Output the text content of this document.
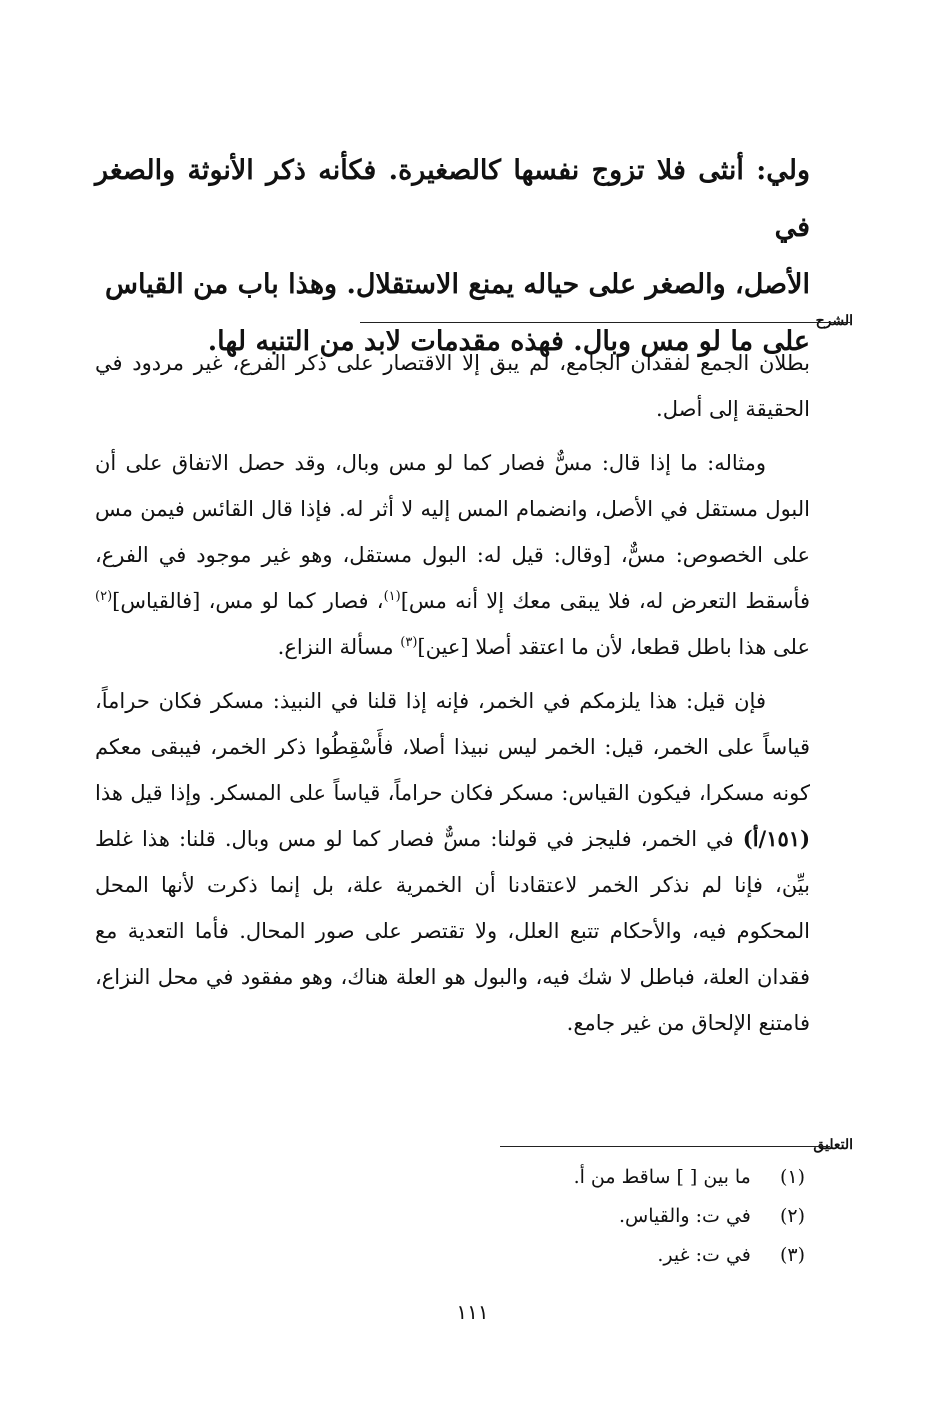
ولي: أنثى فلا تزوج نفسها كالصغيرة. فكأنه ذكر الأنوثة والصغر في

الأصل، والصغر على حياله يمنع الاستقلال. وهذا باب من القياس

على ما لو مس وبال. فهذه مقدمات لابد من التنبه لها.

الشرح

بطلان الجمع لفقدان الجامع، لم يبق إلا الاقتصار على ذكر الفرع، غير مردود في الحقيقة إلى أصل.

ومثاله: ما إذا قال: مسٌّ فصار كما لو مس وبال، وقد حصل الاتفاق على أن البول مستقل في الأصل، وانضمام المس إليه لا أثر له. فإذا قال القائس فيمن مس على الخصوص: مسٌّ، [وقال: قيل له: البول مستقل، وهو غير موجود في الفرع، فأسقط التعرض له، فلا يبقى معك إلا أنه مس]$^{(١)}$، فصار كما لو مس، [فالقياس]$^{(٢)}$ على هذا باطل قطعا، لأن ما اعتقد أصلا [عين]$^{(٣)}$ مسألة النزاع.

فإن قيل: هذا يلزمكم في الخمر، فإنه إذا قلنا في النبيذ: مسكر فكان حراماً، قياساً على الخمر، قيل: الخمر ليس نبيذا أصلا، فأَسْقِطُوا ذكر الخمر، فيبقى معكم كونه مسكرا، فيكون القياس: مسكر فكان حراماً، قياساً على المسكر. وإذا قيل هذا (١٥١/أ) في الخمر، فليجز في قولنا: مسٌّ فصار كما لو مس وبال. قلنا: هذا غلط بيِّن، فإنا لم نذكر الخمر لاعتقادنا أن الخمرية علة، بل إنما ذكرت لأنها المحل المحكوم فيه، والأحكام تتبع العلل، ولا تقتصر على صور المحال. فأما التعدية مع فقدان العلة، فباطل لا شك فيه، والبول هو العلة هناك، وهو مفقود في محل النزاع، فامتنع الإلحاق من غير جامع.

التعليق
(١)   ما بين [ ] ساقط من أ.
(٢)   في ت: والقياس.
(٣)   في ت: غير.
١١١
